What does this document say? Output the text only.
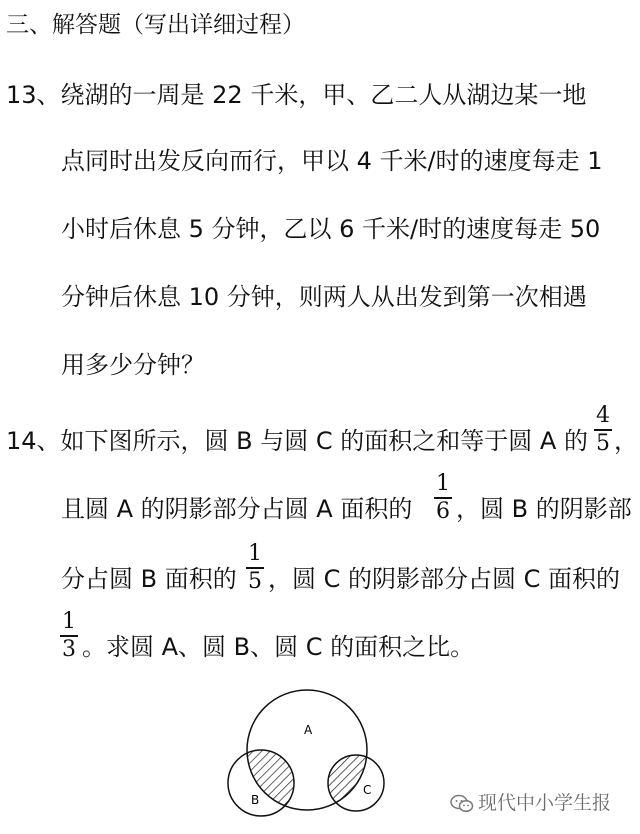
三、解答题（写出详细过程）
13、绕湖的一周是 22 千米，甲、乙二人从湖边某一地
点同时出发反向而行，甲以 4 千米/时的速度每走 1
小时后休息 5 分钟，乙以 6 千米/时的速度每走 50
分钟后休息 10 分钟，则两人从出发到第一次相遇
用多少分钟？
14、如下图所示，圆 B 与圆 C 的面积之和等于圆 A 的
4
5 ，
且圆 A 的阴影部分占圆 A 面积的
1
6 ，圆 B 的阴影部
分占圆 B 面积的
1
5 ，圆 C 的阴影部分占圆 C 面积的
1
3 。求圆 A、圆 B、圆 C 的面积之比。
A
B
C
现代中小学生报
